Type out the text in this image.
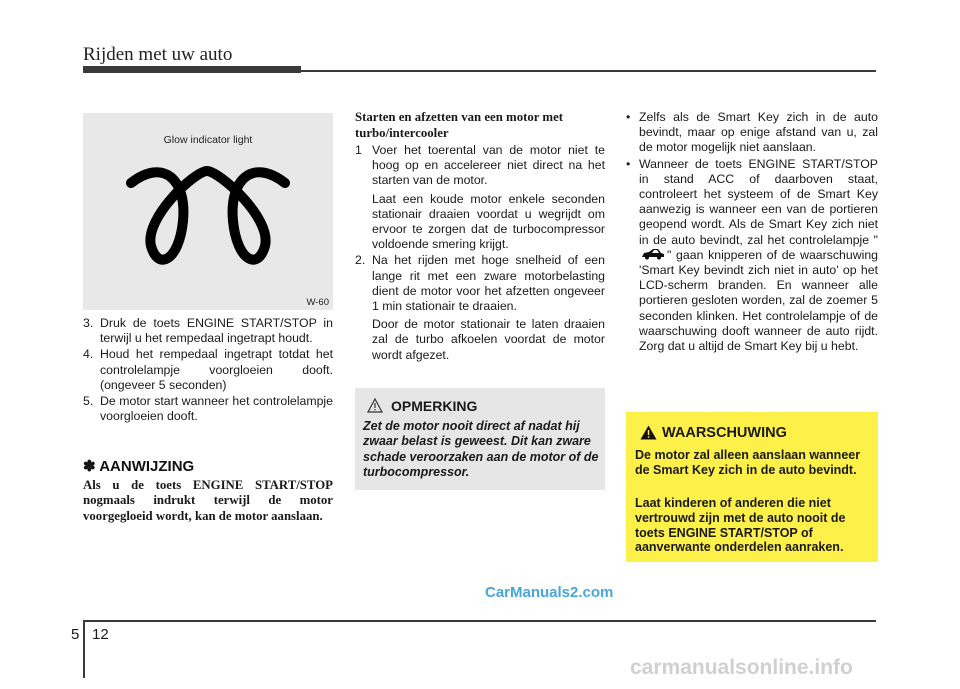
Rijden met uw auto
Glow indicator light
W-60
3. Druk de toets ENGINE START/STOP in terwijl u het rempedaal ingetrapt houdt.
4. Houd het rempedaal ingetrapt totdat het controlelampje voorgloeien dooft. (ongeveer 5 seconden)
5. De motor start wanneer het controlelampje voorgloeien dooft.
✽ AANWIJZING
Als u de toets ENGINE START/STOP nogmaals indrukt terwijl de motor voorgegloeid wordt, kan de motor aanslaan.
Starten en afzetten van een motor met turbo/intercooler
1 Voer het toerental van de motor niet te hoog op en accelereer niet direct na het starten van de motor.
Laat een koude motor enkele seconden stationair draaien voordat u wegrijdt om ervoor te zorgen dat de turbocompressor voldoende smering krijgt.
2. Na het rijden met hoge snelheid of een lange rit met een zware motorbelasting dient de motor voor het afzetten ongeveer 1 min stationair te draaien.
Door de motor stationair te laten draaien zal de turbo afkoelen voordat de motor wordt afgezet.
OPMERKING
Zet de motor nooit direct af nadat hij zwaar belast is geweest. Dit kan zware schade veroorzaken aan de motor of de turbocompressor.
• Zelfs als de Smart Key zich in de auto bevindt, maar op enige afstand van u, zal de motor mogelijk niet aanslaan.
• Wanneer de toets ENGINE START/STOP in stand ACC of daarboven staat, controleert het systeem of de Smart Key aanwezig is wanneer een van de portieren geopend wordt. Als de Smart Key zich niet in de auto bevindt, zal het controlelampje "" gaan knipperen of de waarschuwing 'Smart Key bevindt zich niet in auto' op het LCD-scherm branden. En wanneer alle portieren gesloten worden, zal de zoemer 5 seconden klinken. Het controlelampje of de waarschuwing dooft wanneer de auto rijdt. Zorg dat u altijd de Smart Key bij u hebt.
WAARSCHUWING
De motor zal alleen aanslaan wanneer de Smart Key zich in de auto bevindt.
Laat kinderen of anderen die niet vertrouwd zijn met de auto nooit de toets ENGINE START/STOP of aanverwante onderdelen aanraken.
CarManuals2.com
5 12
carmanualsonline.info
